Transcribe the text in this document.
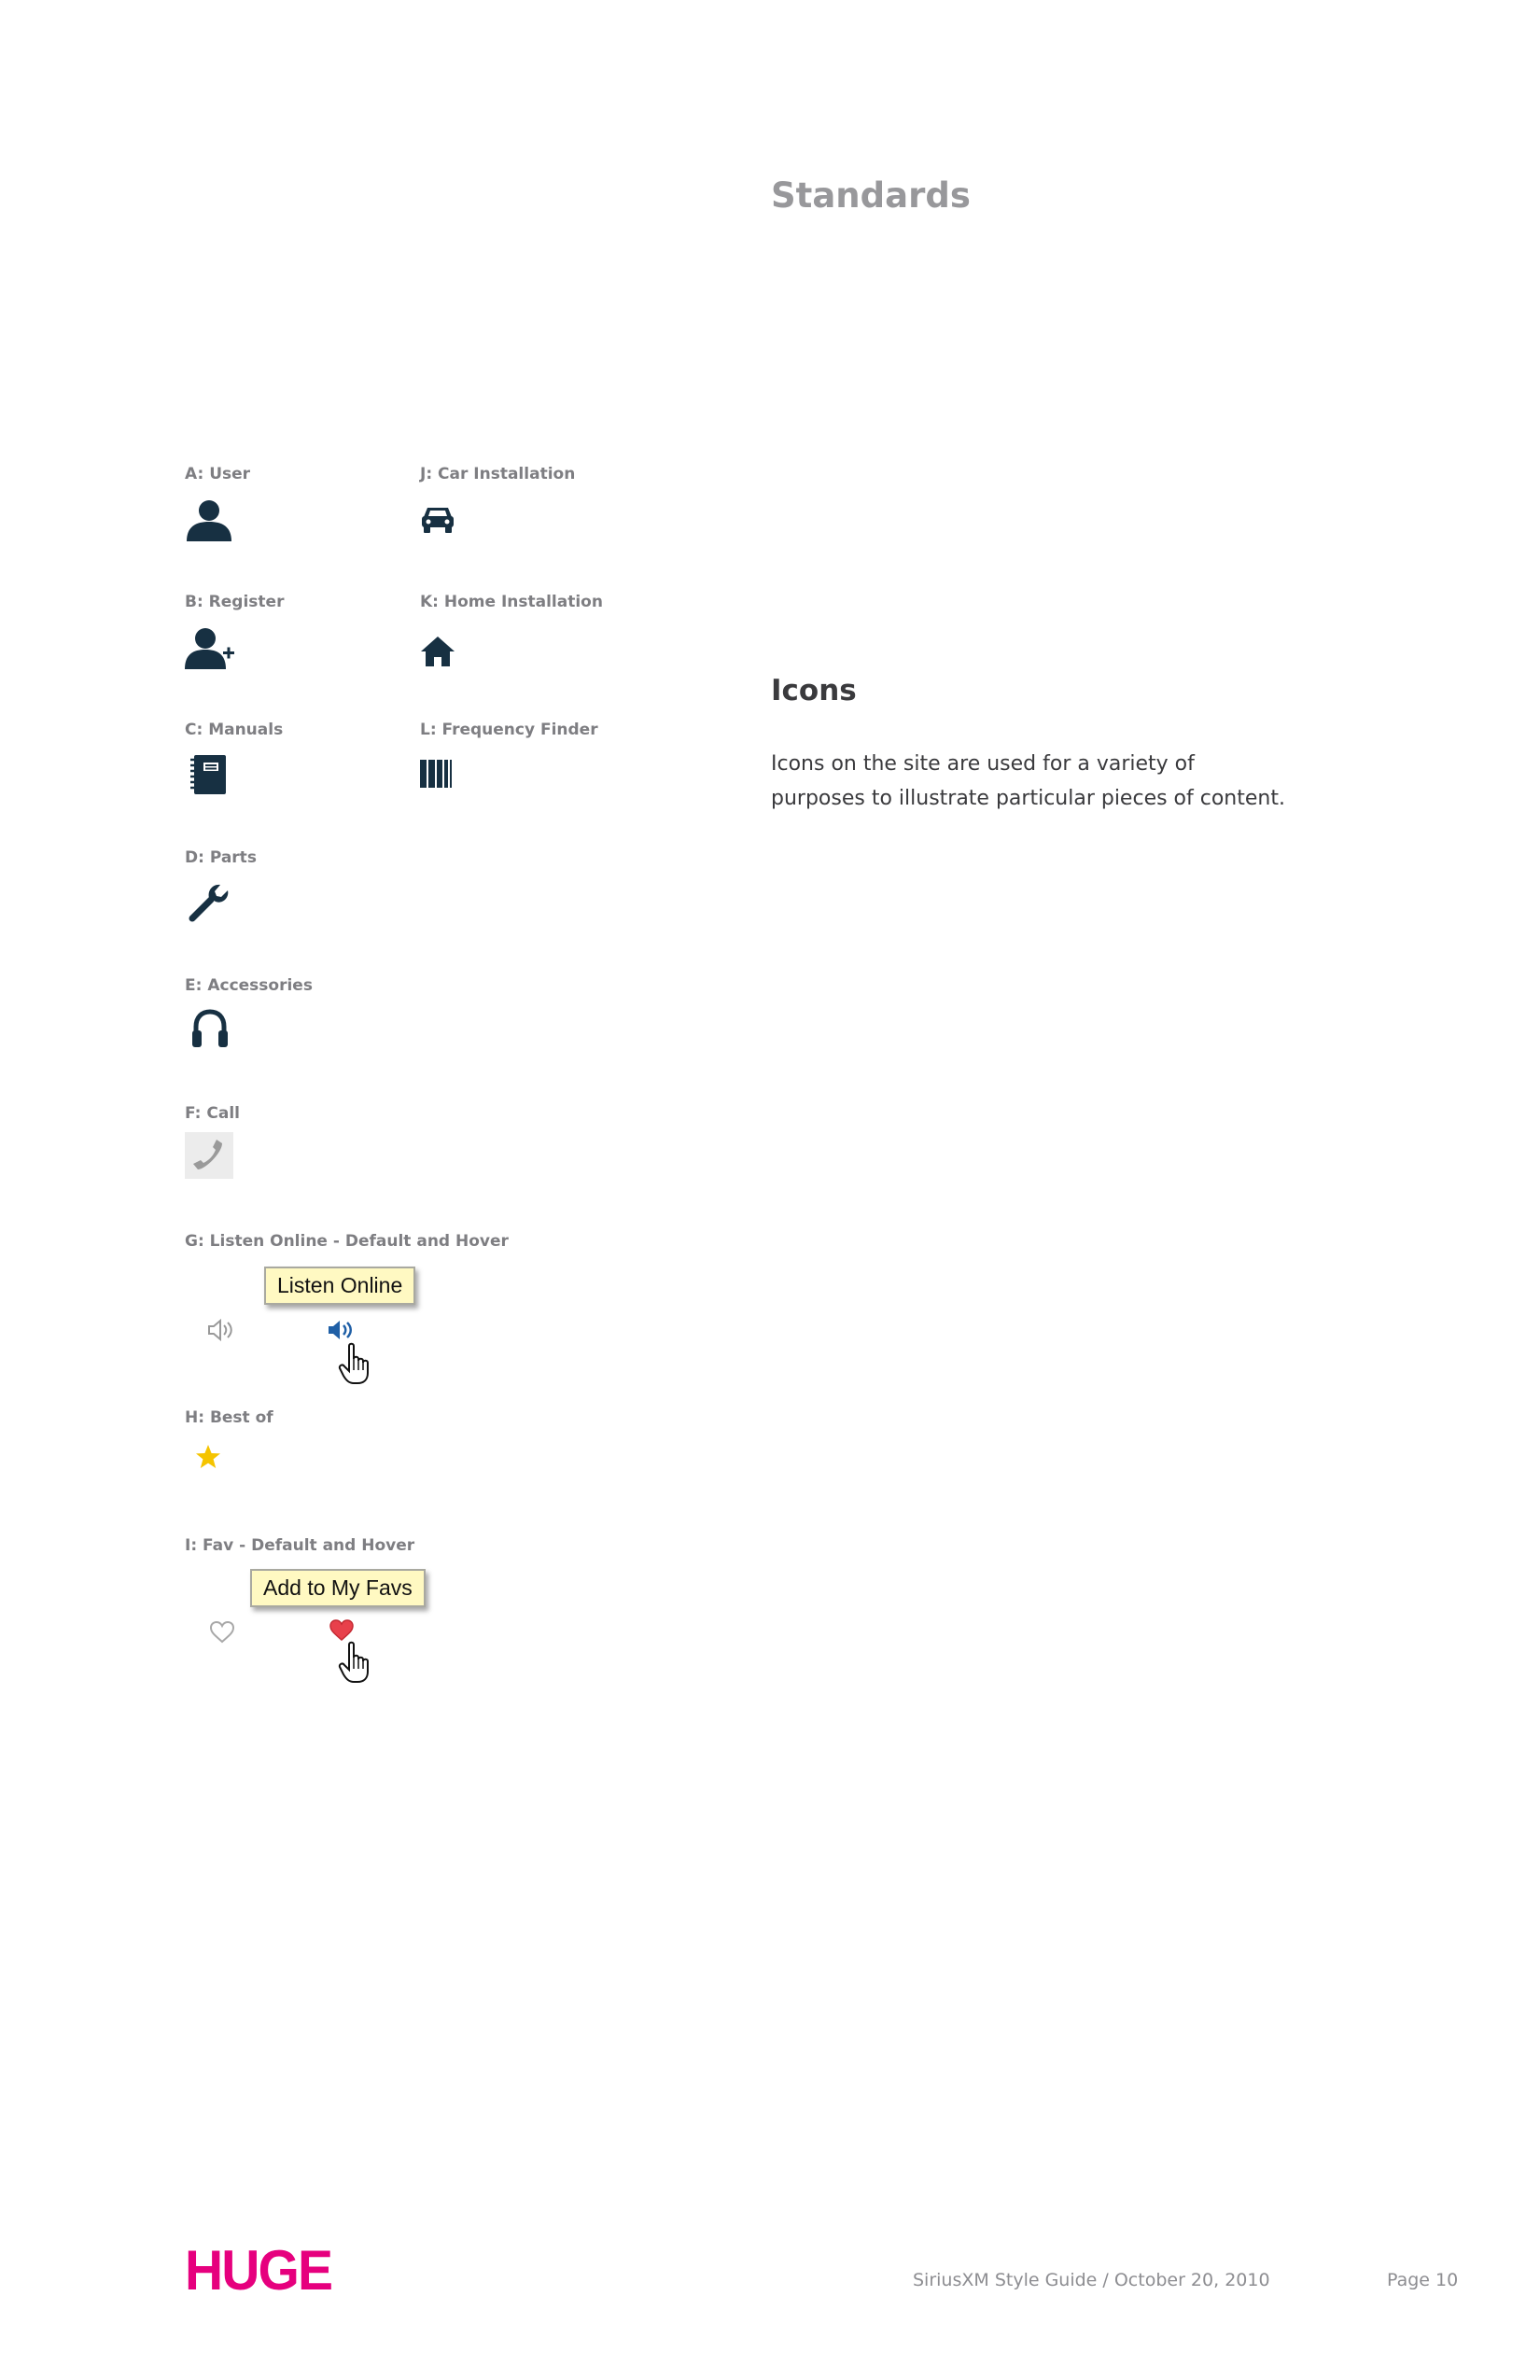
Standards
A: User
B: Register
C: Manuals
D: Parts
E: Accessories
F: Call
G: Listen Online - Default and Hover
H: Best of
I: Fav - Default and Hover
J: Car Installation
K: Home Installation
L: Frequency Finder
Listen Online
Add to My Favs
Icons
Icons on the site are used for a variety of purposes to illustrate particular pieces of content.
HUGE	SiriusXM Style Guide / October 20, 2010	Page 10
